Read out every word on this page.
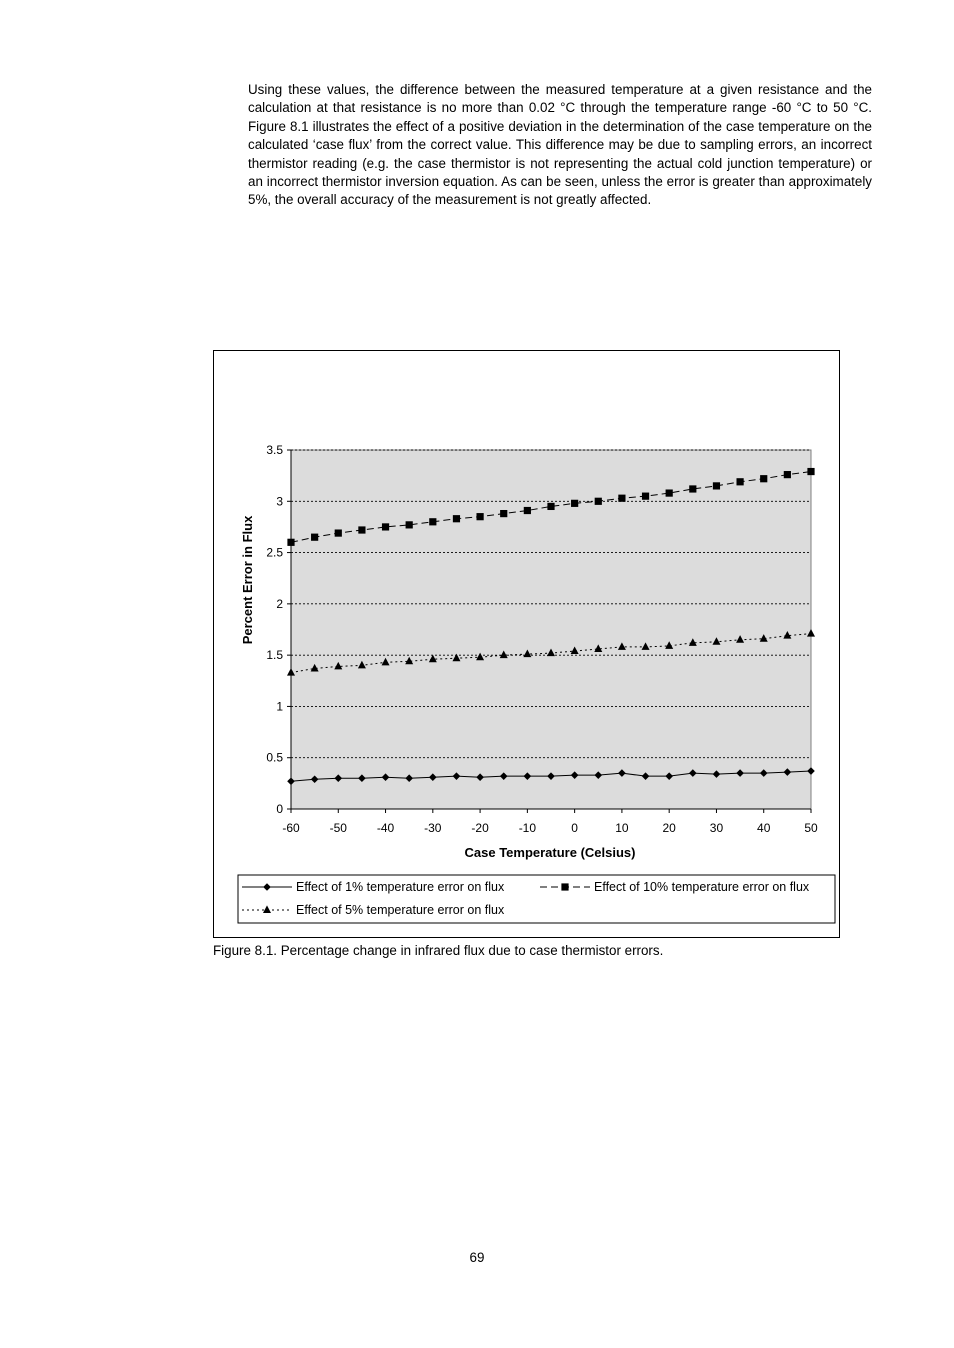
Using these values, the difference between the measured temperature at a given resistance and the calculation at that resistance is no more than 0.02 °C through the temperature range -60 °C to 50 °C. Figure 8.1 illustrates the effect of a positive deviation in the determination of the case temperature on the calculated ‘case flux’ from the correct value. This difference may be due to sampling errors, an incorrect thermistor reading (e.g. the case thermistor is not representing the actual cold junction temperature) or an incorrect thermistor inversion equation. As can be seen, unless the error is greater than approximately 5%, the overall accuracy of the measurement is not greatly affected.
0
0.5
1
1.5
2
2.5
3
3.5
-60 -50 -40 -30 -20 -10	0	10	20	30	40	50
Percent Error in Flux
Case Temperature (Celsius)
Effect of 1% temperature error on flux	Effect of 10% temperature error on flux
Effect of 5% temperature error on flux
Figure 8.1. Percentage change in infrared flux due to case thermistor errors.
69
